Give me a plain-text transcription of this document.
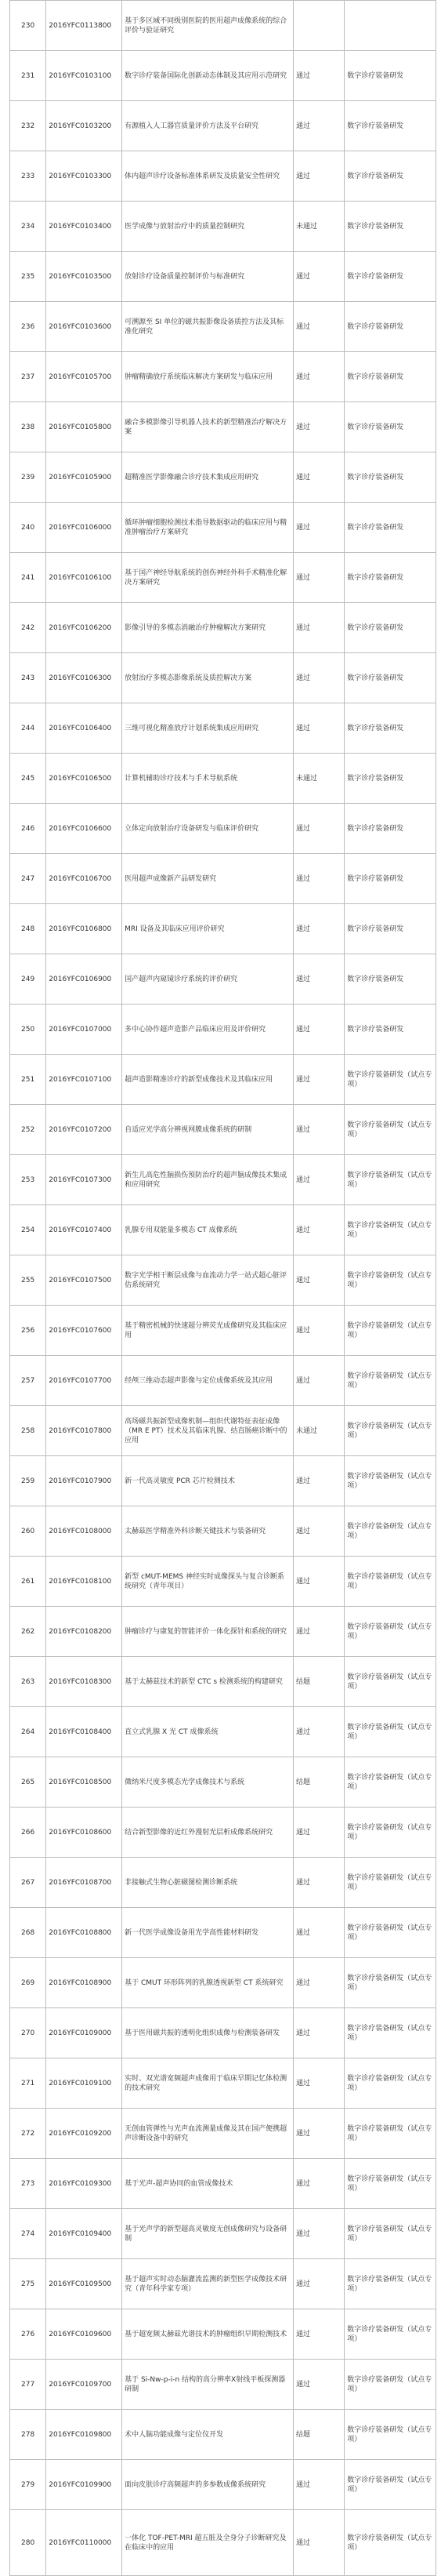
230	2016YFC0113800	基于多区域不同级别医院的医用超声成像系统的综合评价与验证研究		
231	2016YFC0103100	数字诊疗装备国际化创新动态体制及其应用示范研究	通过	数字诊疗装备研发
232	2016YFC0103200	有源植入人工器官质量评价方法及平台研究	通过	数字诊疗装备研发
233	2016YFC0103300	体内超声诊疗设备标准体系研发及质量安全性研究	通过	数字诊疗装备研发
234	2016YFC0103400	医学成像与放射治疗中的质量控制研究	未通过	数字诊疗装备研发
235	2016YFC0103500	放射诊疗设备质量控制评价与标准研究	通过	数字诊疗装备研发
236	2016YFC0103600	可溯源至 SI 单位的磁共振影像设备质控方法及其标准化研究	通过	数字诊疗装备研发
237	2016YFC0105700	肿瘤精确放疗系统临床解决方案研发与临床应用	通过	数字诊疗装备研发
238	2016YFC0105800	融合多模影像引导机器人技术的新型精准治疗解决方案	通过	数字诊疗装备研发
239	2016YFC0105900	超精准医学影像融合诊疗技术集成应用研究	通过	数字诊疗装备研发
240	2016YFC0106000	循环肿瘤细胞检测技术指导数据驱动的临床应用与精准肿瘤治疗方案研究	通过	数字诊疗装备研发
241	2016YFC0106100	基于国产神经导航系统的创伤神经外科手术精准化解决方案研究	通过	数字诊疗装备研发
242	2016YFC0106200	影像引导的多模态消融治疗肿瘤解决方案研究	通过	数字诊疗装备研发
243	2016YFC0106300	放射治疗多模态影像系统及质控解决方案	通过	数字诊疗装备研发
244	2016YFC0106400	三维可视化精准放疗计划系统集成应用研究	通过	数字诊疗装备研发
245	2016YFC0106500	计算机辅助诊疗技术与手术导航系统	未通过	数字诊疗装备研发
246	2016YFC0106600	立体定向放射治疗设备研发与临床评价研究	通过	数字诊疗装备研发
247	2016YFC0106700	医用超声成像新产品研发研究	通过	数字诊疗装备研发
248	2016YFC0106800	MRI 设备及其临床应用评价研究	通过	数字诊疗装备研发
249	2016YFC0106900	国产超声内窥镜诊疗系统的评价研究	通过	数字诊疗装备研发
250	2016YFC0107000	多中心协作超声造影产品临床应用及评价研究	通过	数字诊疗装备研发
251	2016YFC0107100	超声造影精准诊疗的新型成像技术及其临床应用	通过	数字诊疗装备研发（试点专项）
252	2016YFC0107200	自适应光学高分辨视网膜成像系统的研制	通过	数字诊疗装备研发（试点专项）
253	2016YFC0107300	新生儿高危性脑损伤预防治疗的超声脑成像技术集成和应用研究	通过	数字诊疗装备研发（试点专项）
254	2016YFC0107400	乳腺专用双能量多模态 CT 成像系统	通过	数字诊疗装备研发（试点专项）
255	2016YFC0107500	数字光学相干断层成像与血流动力学一站式超心脏评估系统研究	通过	数字诊疗装备研发（试点专项）
256	2016YFC0107600	基于精密机械的快速超分辨荧光成像研究及其临床应用	通过	数字诊疗装备研发（试点专项）
257	2016YFC0107700	经颅三维动态超声影像与定位成像系统及其应用	通过	数字诊疗装备研发（试点专项）
258	2016YFC0107800	高场磁共振新型成像机制—组织代谢特征表征成像（MR E PT）技术及其临床乳腺、结直肠癌诊断中的应用	未通过	数字诊疗装备研发（试点专项）
259	2016YFC0107900	新一代高灵敏度 PCR 芯片检测技术	通过	数字诊疗装备研发（试点专项）
260	2016YFC0108000	太赫兹医学精准外科诊断关键技术与装备研究	通过	数字诊疗装备研发（试点专项）
261	2016YFC0108100	新型 cMUT-MEMS 神经实时成像探头与复合诊断系统研究（青年项目）	通过	数字诊疗装备研发（试点专项）
262	2016YFC0108200	肿瘤诊疗与康复的智能评价一体化探针和系统的研究	通过	数字诊疗装备研发（试点专项）
263	2016YFC0108300	基于太赫兹技术的新型 CTC s 检测系统的构建研究	结题	数字诊疗装备研发（试点专项）
264	2016YFC0108400	直立式乳腺 X 光 CT 成像系统	通过	数字诊疗装备研发（试点专项）
265	2016YFC0108500	微纳米尺度多模态光学成像技术与系统	结题	数字诊疗装备研发（试点专项）
266	2016YFC0108600	结合新型影像的近红外漫射光层析成像系统研究	通过	数字诊疗装备研发（试点专项）
267	2016YFC0108700	非接触式生物心脏磁图检测诊断系统	通过	数字诊疗装备研发（试点专项）
268	2016YFC0108800	新一代医学成像设备用光学高性能材料研发	通过	数字诊疗装备研发（试点专项）
269	2016YFC0108900	基于 CMUT 环形阵列的乳腺透视新型 CT 系统研究	通过	数字诊疗装备研发（试点专项）
270	2016YFC0109000	基于医用磁共振的透明化组织成像与检测装备研发	通过	数字诊疗装备研发（试点专项）
271	2016YFC0109100	实时、双光谱宽频超声成像用于临床早期记忆体检测的技术研究	通过	数字诊疗装备研发（试点专项）
272	2016YFC0109200	无创血管弹性与光声血流测量成像及其在国产便携超声诊断设备中的研究	通过	数字诊疗装备研发（试点专项）
273	2016YFC0109300	基于光声-超声协同的血管成像技术	通过	数字诊疗装备研发（试点专项）
274	2016YFC0109400	基于光声学的新型超高灵敏度无创成像研究与设备研制	通过	数字诊疗装备研发（试点专项）
275	2016YFC0109500	基于超声实时动态脑灌流监测的新型医学成像技术研究（青年科学家专项）	通过	数字诊疗装备研发（试点专项）
276	2016YFC0109600	基于超宽频太赫兹光谱技术的肿瘤组织早期检测技术	通过	数字诊疗装备研发（试点专项）
277	2016YFC0109700	基于 Si-Nw-p-i-n 结构的高分辨率X射线平板探测器研制	通过	数字诊疗装备研发（试点专项）
278	2016YFC0109800	术中人脑功能成像与定位仪开发	结题	数字诊疗装备研发（试点专项）
279	2016YFC0109900	面向皮肤诊疗高频超声的多参数成像系统研究	通过	数字诊疗装备研发（试点专项）
280	2016YFC0110000	一体化 TOF-PET-MRI 超五脏及全身分子诊断研究及在临床中的应用	通过	数字诊疗装备研发（试点专项）
